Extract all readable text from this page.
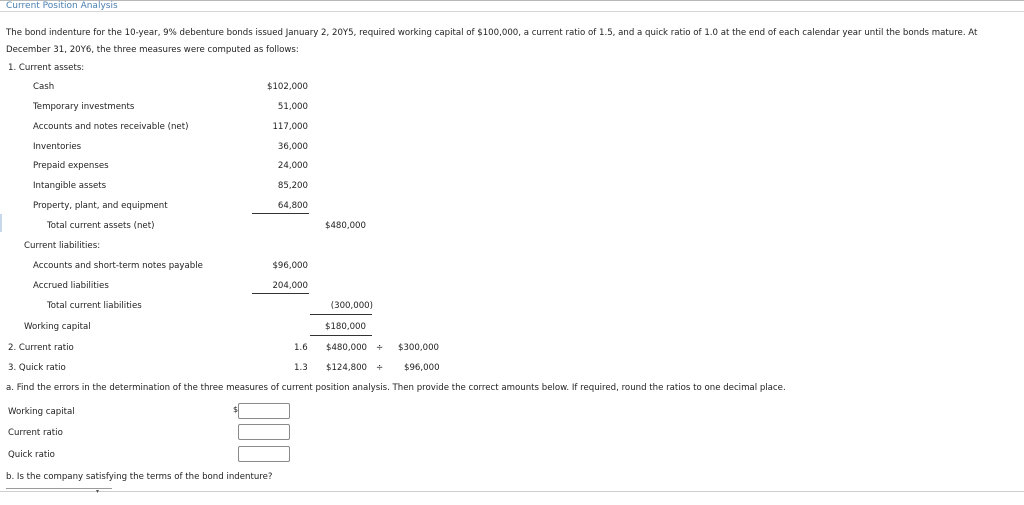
Current Position Analysis
The bond indenture for the 10-year, 9% debenture bonds issued January 2, 20Y5, required working capital of $100,000, a current ratio of 1.5, and a quick ratio of 1.0 at the end of each calendar year until the bonds mature. At December 31, 20Y6, the three measures were computed as follows:
1. Current assets:
Cash	$102,000
Temporary investments	51,000
Accounts and notes receivable (net)	117,000
Inventories	36,000
Prepaid expenses	24,000
Intangible assets	85,200
Property, plant, and equipment	64,800
Total current assets (net)	$480,000
Current liabilities:
Accounts and short-term notes payable	$96,000
Accrued liabilities	204,000
Total current liabilities	(300,000)
Working capital	$180,000
2. Current ratio	1.6 $480,000 ÷ $300,000
3. Quick ratio	1.3 $124,800 ÷ $96,000
a. Find the errors in the determination of the three measures of current position analysis. Then provide the correct amounts below. If required, round the ratios to one decimal place.
Working capital	$
Current ratio
Quick ratio
b. Is the company satisfying the terms of the bond indenture?
▾
